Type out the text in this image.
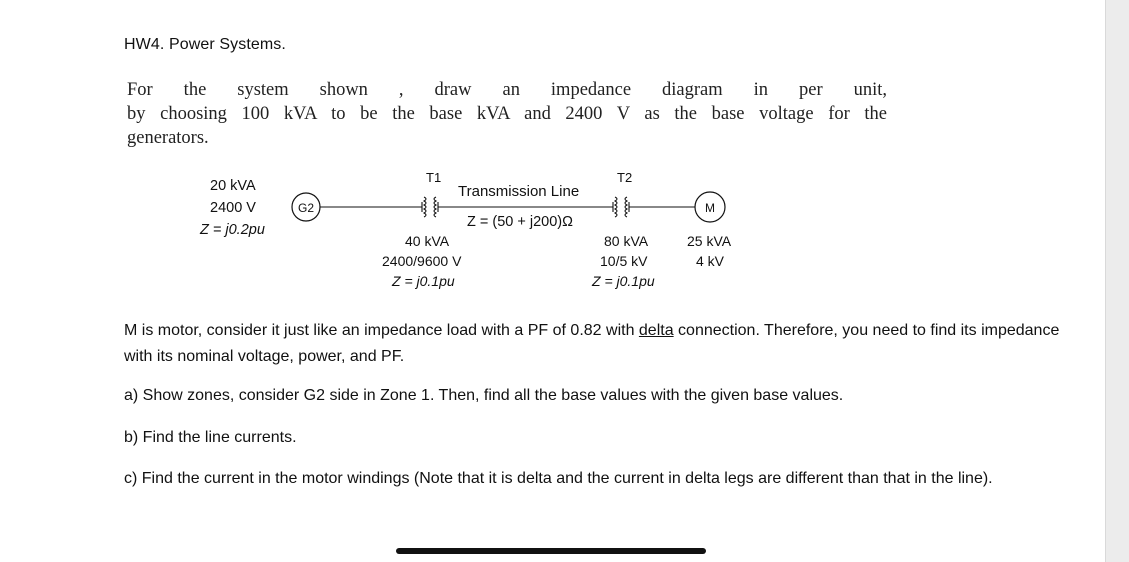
HW4. Power Systems.
For the system shown , draw an impedance diagram in per unit,
by choosing 100 kVA to be the base kVA and 2400 V as the base voltage for the
generators.
20 kVA
2400 V
Z = j0.2pu
G2
T1
40 kVA
2400/9600 V
Z = j0.1pu
Transmission Line
Z = (50 + j200)Ω
T2
80 kVA
10/5 kV
Z = j0.1pu
M
25 kVA
4 kV
M is motor, consider it just like an impedance load with a PF of 0.82 with delta connection. Therefore, you need to find its impedance with its nominal voltage, power, and PF.
a) Show zones, consider G2 side in Zone 1. Then, find all the base values with the given base values.
b) Find the line currents.
c) Find the current in the motor windings (Note that it is delta and the current in delta legs are different than that in the line).
